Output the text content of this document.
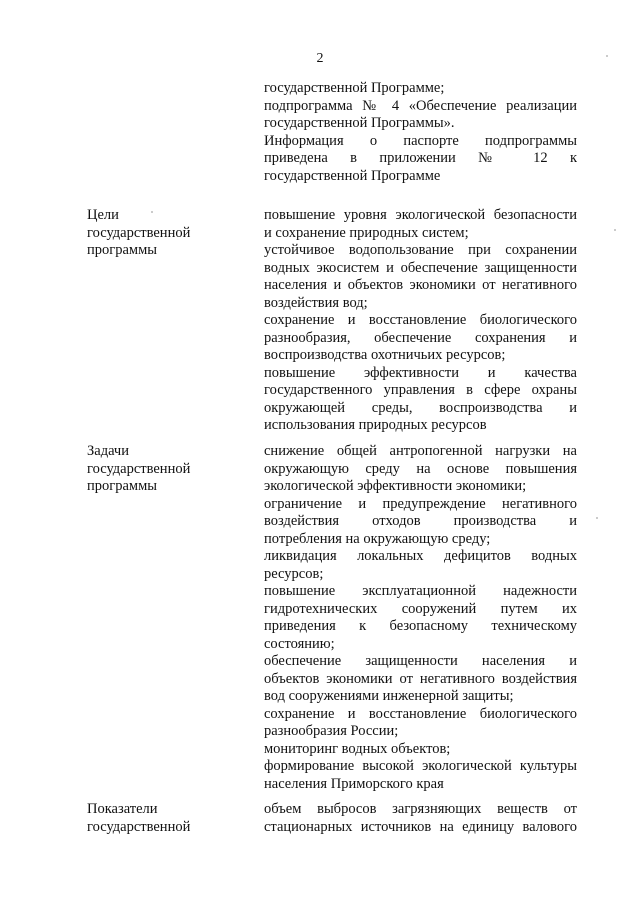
2
государственной Программе;
подпрограмма № 4 «Обеспечение реализации
государственной Программы».
Информация о паспорте подпрограммы
приведена в приложении № 12 к
государственной Программе
Цели
государственной
программы
повышение уровня экологической безопасности
и сохранение природных систем;
устойчивое водопользование при сохранении
водных экосистем и обеспечение защищенности
населения и объектов экономики от негативного
воздействия вод;
сохранение и восстановление биологического
разнообразия, обеспечение сохранения и
воспроизводства охотничьих ресурсов;
повышение эффективности и качества
государственного управления в сфере охраны
окружающей среды, воспроизводства и
использования природных ресурсов
Задачи
государственной
программы
снижение общей антропогенной нагрузки на
окружающую среду на основе повышения
экологической эффективности экономики;
ограничение и предупреждение негативного
воздействия отходов производства и
потребления на окружающую среду;
ликвидация локальных дефицитов водных
ресурсов;
повышение эксплуатационной надежности
гидротехнических сооружений путем их
приведения к безопасному техническому
состоянию;
обеспечение защищенности населения и
объектов экономики от негативного воздействия
вод сооружениями инженерной защиты;
сохранение и восстановление биологического
разнообразия России;
мониторинг водных объектов;
формирование высокой экологической культуры
населения Приморского края
Показатели
государственной
объем выбросов загрязняющих веществ от
стационарных источников на единицу валового
